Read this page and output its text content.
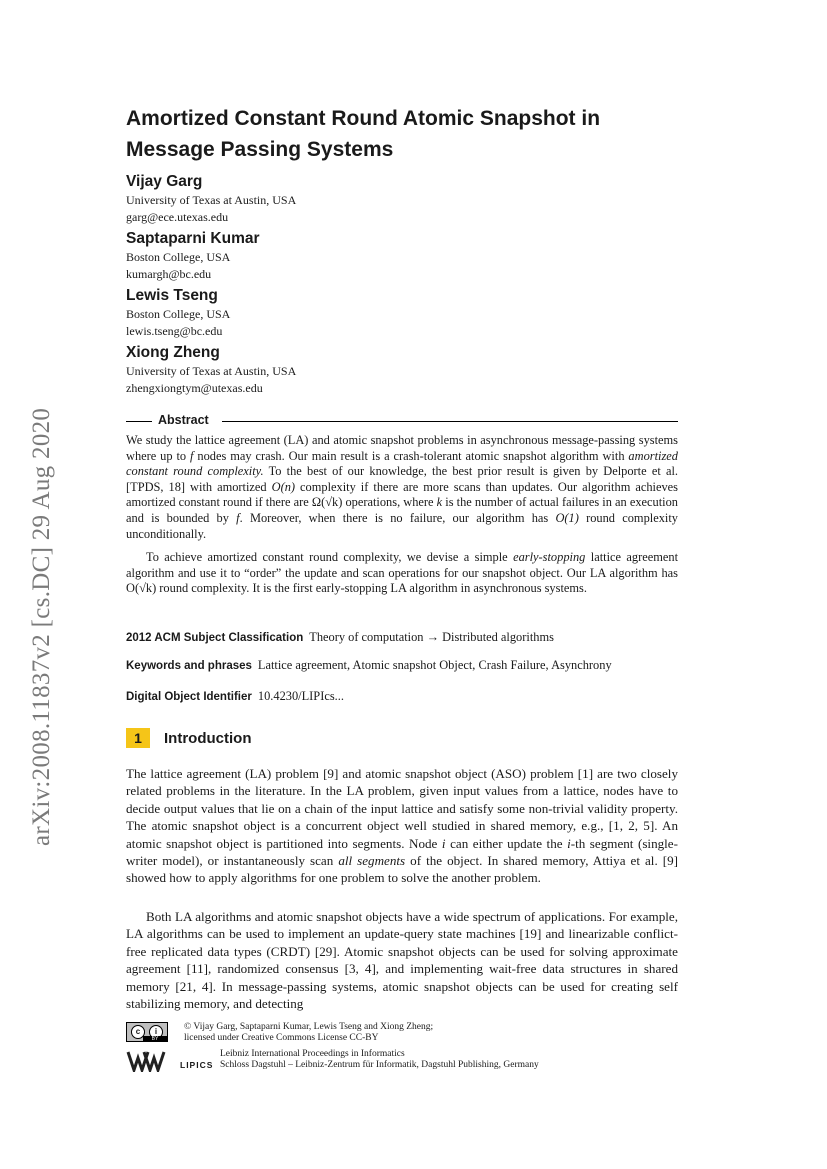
arXiv:2008.11837v2 [cs.DC] 29 Aug 2020
Amortized Constant Round Atomic Snapshot in Message Passing Systems
Vijay Garg
University of Texas at Austin, USA
garg@ece.utexas.edu
Saptaparni Kumar
Boston College, USA
kumargh@bc.edu
Lewis Tseng
Boston College, USA
lewis.tseng@bc.edu
Xiong Zheng
University of Texas at Austin, USA
zhengxiongtym@utexas.edu
Abstract

We study the lattice agreement (LA) and atomic snapshot problems in asynchronous message-passing systems where up to f nodes may crash. Our main result is a crash-tolerant atomic snapshot algorithm with amortized constant round complexity. To the best of our knowledge, the best prior result is given by Delporte et al. [TPDS, 18] with amortized O(n) complexity if there are more scans than updates. Our algorithm achieves amortized constant round if there are Ω(√k) operations, where k is the number of actual failures in an execution and is bounded by f. Moreover, when there is no failure, our algorithm has O(1) round complexity unconditionally.

To achieve amortized constant round complexity, we devise a simple early-stopping lattice agreement algorithm and use it to “order” the update and scan operations for our snapshot object. Our LA algorithm has O(√k) round complexity. It is the first early-stopping LA algorithm in asynchronous systems.

2012 ACM Subject Classification Theory of computation → Distributed algorithms
Keywords and phrases Lattice agreement, Atomic snapshot Object, Crash Failure, Asynchrony
Digital Object Identifier 10.4230/LIPIcs...
1 Introduction

The lattice agreement (LA) problem [9] and atomic snapshot object (ASO) problem [1] are two closely related problems in the literature. In the LA problem, given input values from a lattice, nodes have to decide output values that lie on a chain of the input lattice and satisfy some non-trivial validity property. The atomic snapshot object is a concurrent object well studied in shared memory, e.g., [1, 2, 5]. An atomic snapshot object is partitioned into segments. Node i can either update the i-th segment (single-writer model), or instantaneously scan all segments of the object. In shared memory, Attiya et al. [9] showed how to apply algorithms for one problem to solve the another problem.

Both LA algorithms and atomic snapshot objects have a wide spectrum of applications. For example, LA algorithms can be used to implement an update-query state machines [19] and linearizable conflict-free replicated data types (CRDT) [29]. Atomic snapshot objects can be used for solving approximate agreement [11], randomized consensus [3, 4], and implementing wait-free data structures in shared memory [21, 4]. In message-passing systems, atomic snapshot objects can be used for creating self stabilizing memory, and detecting

c	i
BY
© Vijay Garg, Saptaparni Kumar, Lewis Tseng and Xiong Zheng;
licensed under Creative Commons License CC-BY
LIPICS
Leibniz International Proceedings in Informatics
Schloss Dagstuhl – Leibniz-Zentrum für Informatik, Dagstuhl Publishing, Germany
